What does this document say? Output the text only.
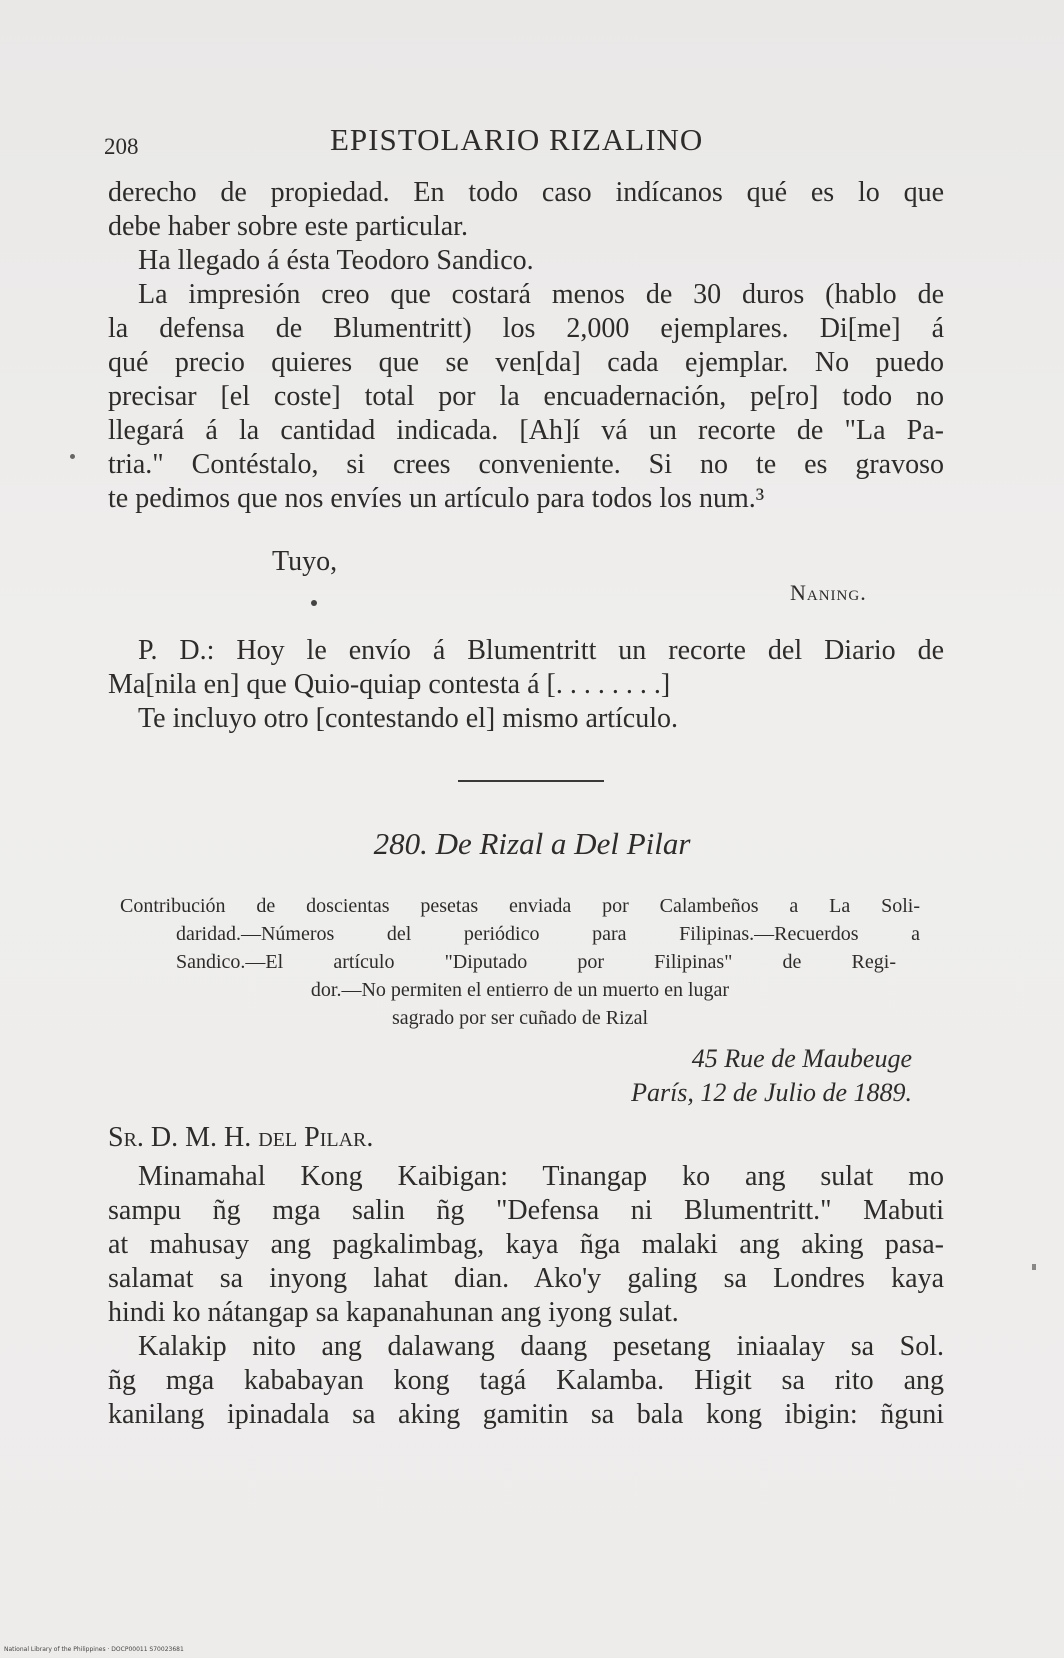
208	EPISTOLARIO RIZALINO
derecho de propiedad. En todo caso indícanos qué es lo que
debe haber sobre este particular.
Ha llegado á ésta Teodoro Sandico.
La impresión creo que costará menos de 30 duros (hablo de
la defensa de Blumentritt) los 2,000 ejemplares. Di[me] á
qué precio quieres que se ven[da] cada ejemplar. No puedo
precisar [el coste] total por la encuadernación, pe[ro] todo no
llegará á la cantidad indicada. [Ah]í vá un recorte de "La Pa-
tria." Contéstalo, si crees conveniente. Si no te es gravoso
te pedimos que nos envíes un artículo para todos los num.³
Tuyo,
Naning.
P. D.: Hoy le envío á Blumentritt un recorte del Diario de
Ma[nila en] que Quio-quiap contesta á [. . . . . . . .]
Te incluyo otro [contestando el] mismo artículo.
280. De Rizal a Del Pilar
Contribución de doscientas pesetas enviada por Calambeños a La Soli-
daridad.—Números del periódico para Filipinas.—Recuerdos a
Sandico.—El artículo "Diputado por Filipinas" de Regi-
dor.—No permiten el entierro de un muerto en lugar
sagrado por ser cuñado de Rizal
45 Rue de Maubeuge
París, 12 de Julio de 1889.
Sr. D. M. H. del Pilar.
Minamahal Kong Kaibigan: Tinangap ko ang sulat mo
sampu ñg mga salin ñg "Defensa ni Blumentritt." Mabuti
at mahusay ang pagkalimbag, kaya ñga malaki ang aking pasa-
salamat sa inyong lahat dian. Ako'y galing sa Londres kaya
hindi ko nátangap sa kapanahunan ang iyong sulat.
Kalakip nito ang dalawang daang pesetang iniaalay sa Sol.
ñg mga kababayan kong tagá Kalamba. Higit sa rito ang
kanilang ipinadala sa aking gamitin sa bala kong ibigin: ñguni
National Library of the Philippines · DOCP00011 S70023681
